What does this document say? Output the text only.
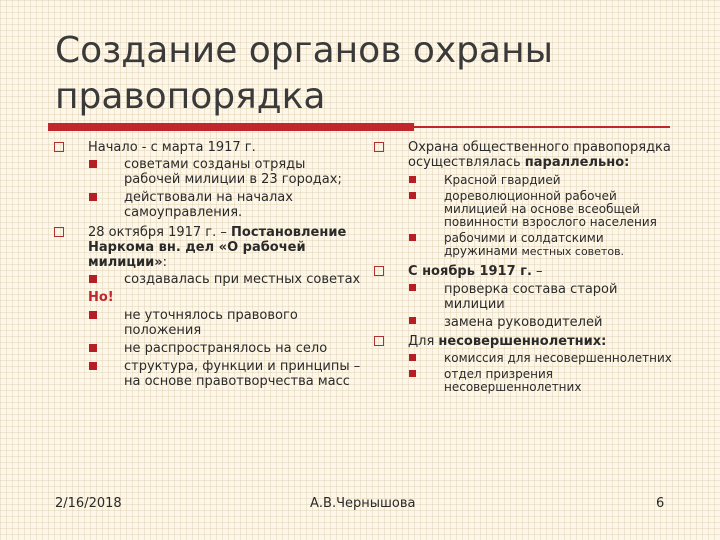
Создание органов охраны правопорядка
Начало - с марта 1917 г.
советами созданы отряды рабочей милиции в 23 городах;
действовали на началах самоуправления.
28 октября 1917 г. – Постановление Наркома вн. дел «О рабочей милиции»:
создавалась при местных советах
Но!
не уточнялось правового положения
не распространялось на село
структура, функции и принципы – на основе правотворчества масс
Охрана общественного правопорядка осуществлялась параллельно:
Красной гвардией
дореволюционной рабочей милицией на основе всеобщей повинности взрослого населения
рабочими и солдатскими дружинами местных советов.
С ноябрь 1917 г. –
проверка состава старой милиции
замена руководителей
Для несовершеннолетних:
комиссия для несовершеннолетних
отдел призрения несовершеннолетних
2/16/2018	А.В.Чернышова	6
